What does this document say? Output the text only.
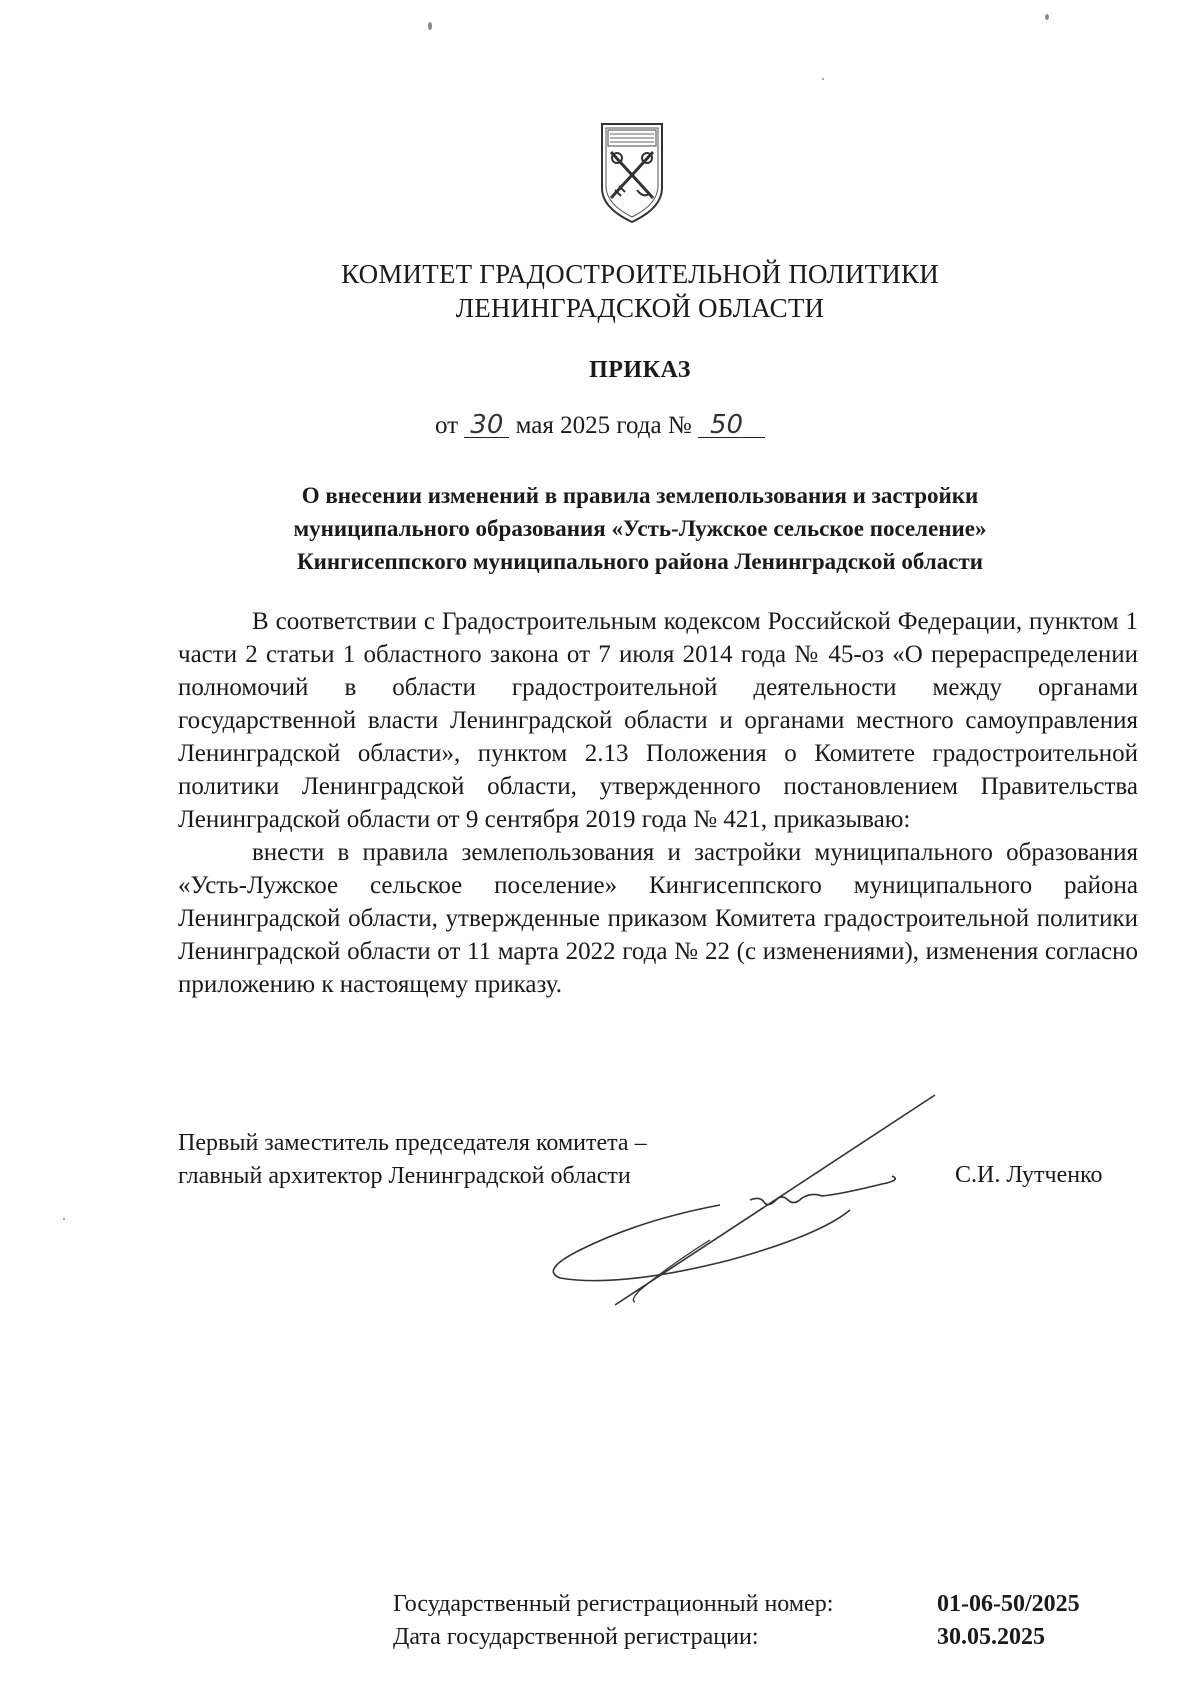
КОМИТЕТ ГРАДОСТРОИТЕЛЬНОЙ ПОЛИТИКИ
ЛЕНИНГРАДСКОЙ ОБЛАСТИ
ПРИКАЗ
от 30 мая 2025 года № 50
О внесении изменений в правила землепользования и застройки
муниципального образования «Усть-Лужское сельское поселение»
Кингисеппского муниципального района Ленинградской области

В соответствии с Градостроительным кодексом Российской Федерации, пунктом 1 части 2 статьи 1 областного закона от 7 июля 2014 года № 45-оз «О перераспределении полномочий в области градостроительной деятельности между органами государственной власти Ленинградской области и органами местного самоуправления Ленинградской области», пунктом 2.13 Положения о Комитете градостроительной политики Ленинградской области, утвержденного постановлением Правительства Ленинградской области от 9 сентября 2019 года № 421, приказываю:

внести в правила землепользования и застройки муниципального образования «Усть-Лужское сельское поселение» Кингисеппского муниципального района Ленинградской области, утвержденные приказом Комитета градостроительной политики Ленинградской области от 11 марта 2022 года № 22 (с изменениями), изменения согласно приложению к настоящему приказу.

Первый заместитель председателя комитета –
главный архитектор Ленинградской области	С.И. Лутченко
Государственный регистрационный номер:	01-06-50/2025
Дата государственной регистрации:	30.05.2025
